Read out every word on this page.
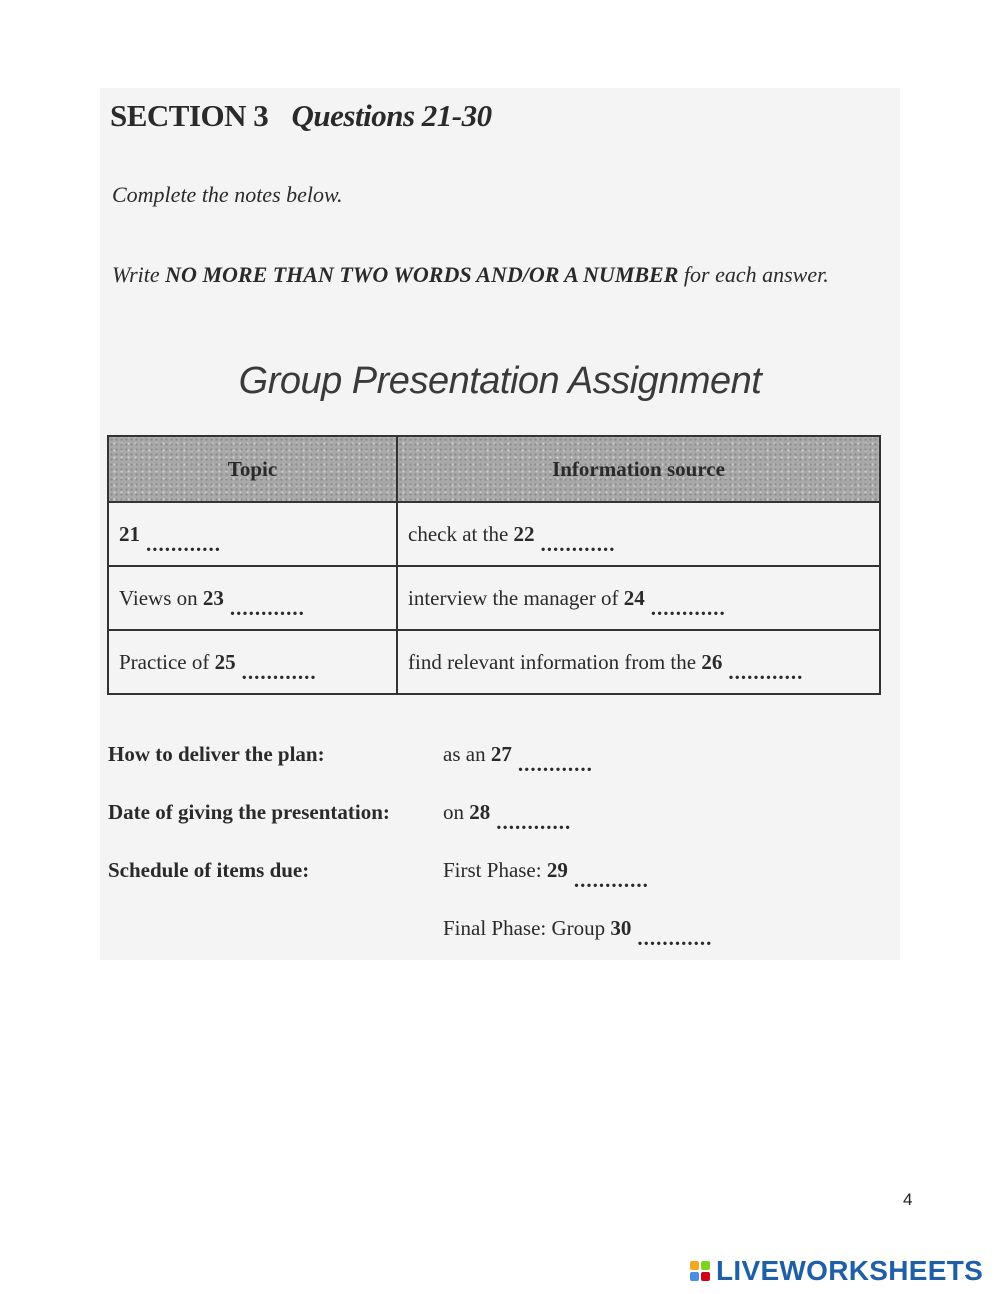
SECTION 3 Questions 21-30
Complete the notes below.
Write NO MORE THAN TWO WORDS AND/OR A NUMBER for each answer.
Group Presentation Assignment
Topic	Information source
21 ............	check at the 22 ............
Views on 23 ............	interview the manager of 24 ............
Practice of 25 ............	find relevant information from the 26 ............
How to deliver the plan:	as an 27 ............
Date of giving the presentation:	on 28 ............
Schedule of items due:	First Phase: 29 ............
Final Phase: Group 30 ............
4
LIVEWORKSHEETS
